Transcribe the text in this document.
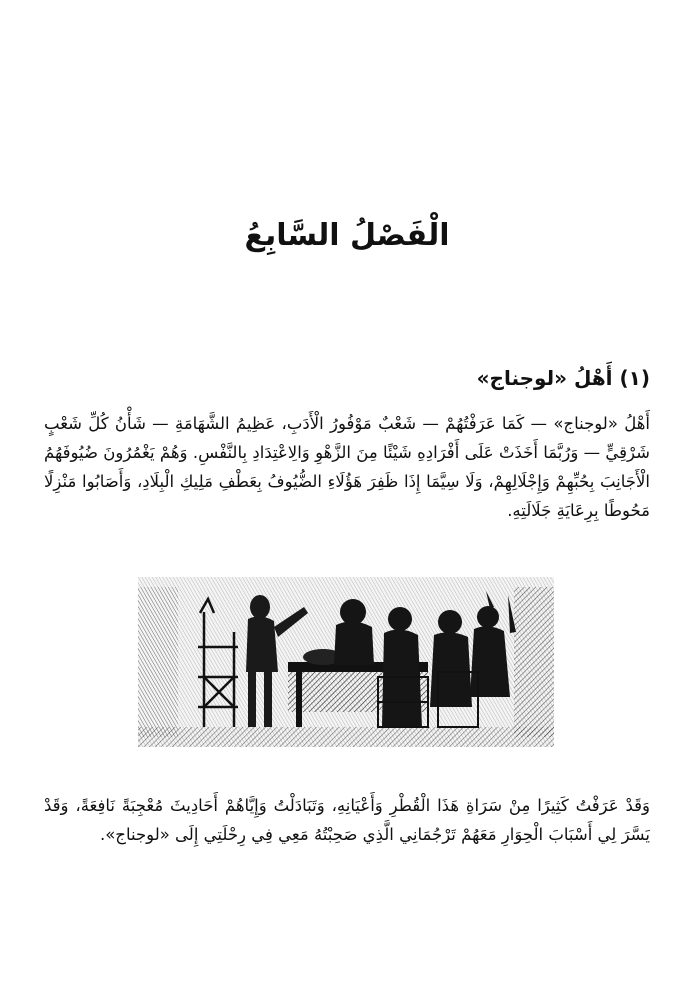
الْفَصْلُ السَّابِعُ
(١) أَهْلُ «لوجناج»

أَهْلُ «لوجناج» — كَمَا عَرَفْتُهُمْ — شَعْبٌ مَوْفُورُ الْأَدَبِ، عَظِيمُ الشَّهَامَةِ — شَأْنُ كُلِّ شَعْبٍ شَرْقِيٍّ — وَرُبَّمَا أَخَذَتْ عَلَى أَفْرَادِهِ شَيْئًا مِنَ الزَّهْوِ وَالِاعْتِدَادِ بِالنَّفْسِ. وَهُمْ يَغْمُرُونَ ضُيُوفَهُمُ الْأَجَانِبَ بِحُبِّهِمْ وَإِجْلَالِهِمْ، وَلَا سِيَّمَا إِذَا ظَفِرَ هَؤُلَاءِ الضُّيُوفُ بِعَطْفِ مَلِيكِ الْبِلَادِ، وَأَصَابُوا مَنْزِلًا مَحُوطًا بِرِعَايَةِ جَلَالَتِهِ.

وَقَدْ عَرَفْتُ كَثِيرًا مِنْ سَرَاةِ هَذَا الْقُطْرِ وَأَعْيَانِهِ، وَتَبَادَلْتُ وَإِيَّاهُمْ أَحَادِيثَ مُعْجِبَةً نَافِعَةً، وَقَدْ يَسَّرَ لِي أَسْبَابَ الْحِوَارِ مَعَهُمْ تَرْجُمَانِي الَّذِي صَحِبْتُهُ مَعِي فِي رِحْلَتِي إِلَى «لوجناج».
